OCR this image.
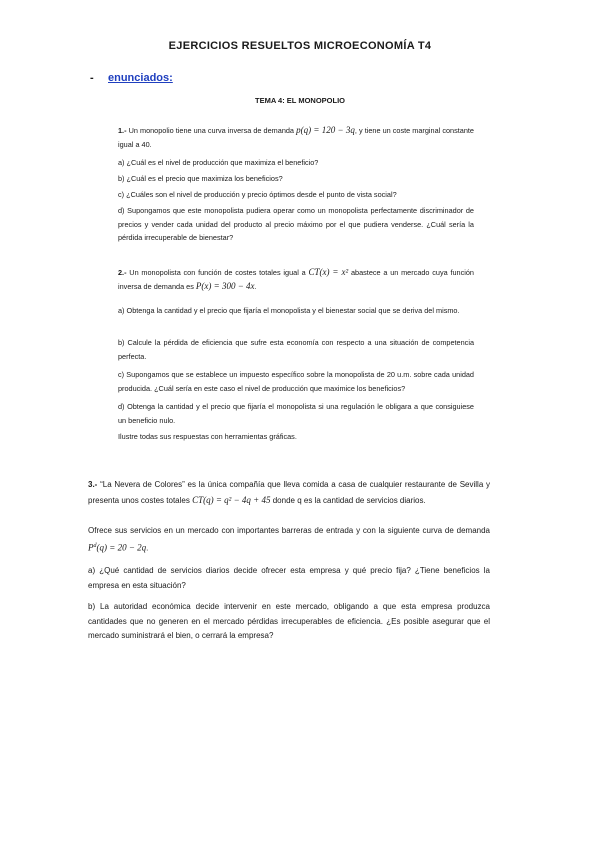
EJERCICIOS RESUELTOS MICROECONOMÍA T4
- enunciados:
TEMA 4: EL MONOPOLIO
1.- Un monopolio tiene una curva inversa de demanda p(q) = 120 − 3q, y tiene un coste marginal constante igual a 40.
a) ¿Cuál es el nivel de producción que maximiza el beneficio?
b) ¿Cuál es el precio que maximiza los beneficios?
c) ¿Cuáles son el nivel de producción y precio óptimos desde el punto de vista social?
d) Supongamos que este monopolista pudiera operar como un monopolista perfectamente discriminador de precios y vender cada unidad del producto al precio máximo por el que pudiera venderse. ¿Cuál sería la pérdida irrecuperable de bienestar?
2.- Un monopolista con función de costes totales igual a CT(x) = x² abastece a un mercado cuya función inversa de demanda es P(x) = 300 − 4x.
a) Obtenga la cantidad y el precio que fijaría el monopolista y el bienestar social que se deriva del mismo.
b) Calcule la pérdida de eficiencia que sufre esta economía con respecto a una situación de competencia perfecta.
c) Supongamos que se establece un impuesto específico sobre la monopolista de 20 u.m. sobre cada unidad producida. ¿Cuál sería en este caso el nivel de producción que maximice los beneficios?
d) Obtenga la cantidad y el precio que fijaría el monopolista si una regulación le obligara a que consiguiese un beneficio nulo.
Ilustre todas sus respuestas con herramientas gráficas.
3.- “La Nevera de Colores” es la única compañía que lleva comida a casa de cualquier restaurante de Sevilla y presenta unos costes totales CT(q) = q² − 4q + 45 donde q es la cantidad de servicios diarios.
Ofrece sus servicios en un mercado con importantes barreras de entrada y con la siguiente curva de demanda $P^d(q) = 20 - 2q$.
a) ¿Qué cantidad de servicios diarios decide ofrecer esta empresa y qué precio fija? ¿Tiene beneficios la empresa en esta situación?
b) La autoridad económica decide intervenir en este mercado, obligando a que esta empresa produzca cantidades que no generen en el mercado pérdidas irrecuperables de eficiencia. ¿Es posible asegurar que el mercado suministrará el bien, o cerrará la empresa?
